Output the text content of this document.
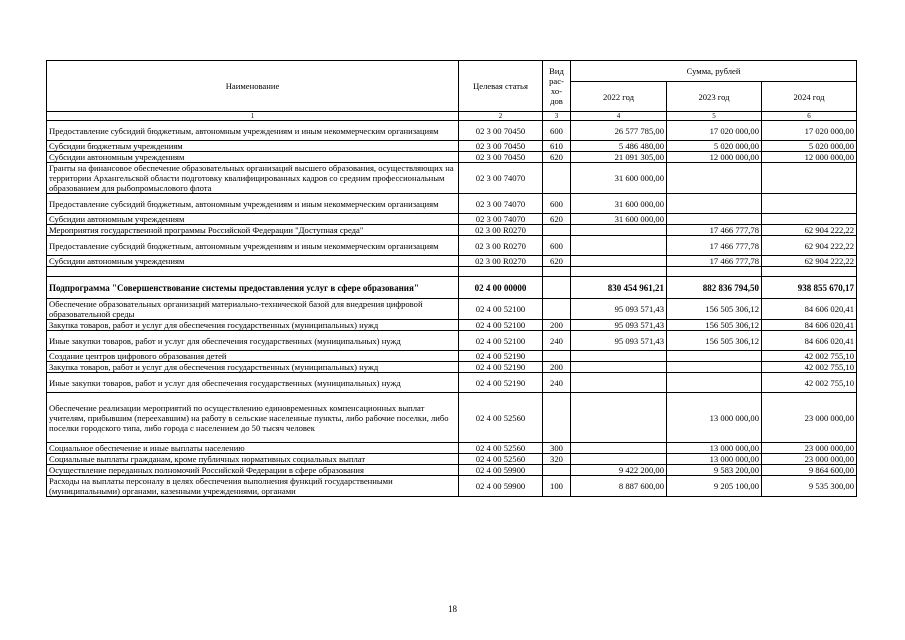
Наименование	Целевая статья	Вид рас-хо-дов	Сумма, рублей		
			2022 год	2023 год	2024 год
1	2	3	4	5	6
Предоставление субсидий бюджетным, автономным учреждениям и иным некоммерческим организациям	02 3 00 70450	600	26 577 785,00	17 020 000,00	17 020 000,00
Субсидии бюджетным учреждениям	02 3 00 70450	610	5 486 480,00	5 020 000,00	5 020 000,00
Субсидии автономным учреждениям	02 3 00 70450	620	21 091 305,00	12 000 000,00	12 000 000,00
Гранты на финансовое обеспечение образовательных организаций высшего образования, осуществляющих на территории Архангельской области подготовку квалифицированных кадров со средним профессиональным образованием для рыбопромыслового флота	02 3 00 74070		31 600 000,00		
Предоставление субсидий бюджетным, автономным учреждениям и иным некоммерческим организациям	02 3 00 74070	600	31 600 000,00		
Субсидии автономным учреждениям	02 3 00 74070	620	31 600 000,00		
Мероприятия государственной программы Российской Федерации "Доступная среда"	02 3 00 R0270			17 466 777,78	62 904 222,22
Предоставление субсидий бюджетным, автономным учреждениям и иным некоммерческим организациям	02 3 00 R0270	600		17 466 777,78	62 904 222,22
Субсидии автономным учреждениям	02 3 00 R0270	620		17 466 777,78	62 904 222,22

Подпрограмма "Совершенствование системы предоставления услуг в сфере образования"	02 4 00 00000		830 454 961,21	882 836 794,50	938 855 670,17
Обеспечение образовательных организаций материально-технической базой для внедрения цифровой образовательной среды	02 4 00 52100		95 093 571,43	156 505 306,12	84 606 020,41
Закупка товаров, работ и услуг для обеспечения государственных (муниципальных) нужд	02 4 00 52100	200	95 093 571,43	156 505 306,12	84 606 020,41
Иные закупки товаров, работ и услуг для обеспечения государственных (муниципальных) нужд	02 4 00 52100	240	95 093 571,43	156 505 306,12	84 606 020,41
Создание центров цифрового образования детей	02 4 00 52190				42 002 755,10
Закупка товаров, работ и услуг для обеспечения государственных (муниципальных) нужд	02 4 00 52190	200			42 002 755,10
Иные закупки товаров, работ и услуг для обеспечения государственных (муниципальных) нужд	02 4 00 52190	240			42 002 755,10
Обеспечение реализации мероприятий по осуществлению единовременных компенсационных выплат учителям, прибывшим (переехавшим) на работу в сельские населенные пункты, либо рабочие поселки, либо поселки городского типа, либо города с населением до 50 тысяч человек	02 4 00 52560			13 000 000,00	23 000 000,00
Социальное обеспечение и иные выплаты населению	02 4 00 52560	300		13 000 000,00	23 000 000,00
Социальные выплаты гражданам, кроме публичных нормативных социальных выплат	02 4 00 52560	320		13 000 000,00	23 000 000,00
Осуществление переданных полномочий Российской Федерации в сфере образования	02 4 00 59900		9 422 200,00	9 583 200,00	9 864 600,00
Расходы на выплаты персоналу в целях обеспечения выполнения функций государственными (муниципальными) органами, казенными учреждениями, органами	02 4 00 59900	100	8 887 600,00	9 205 100,00	9 535 300,00
18
